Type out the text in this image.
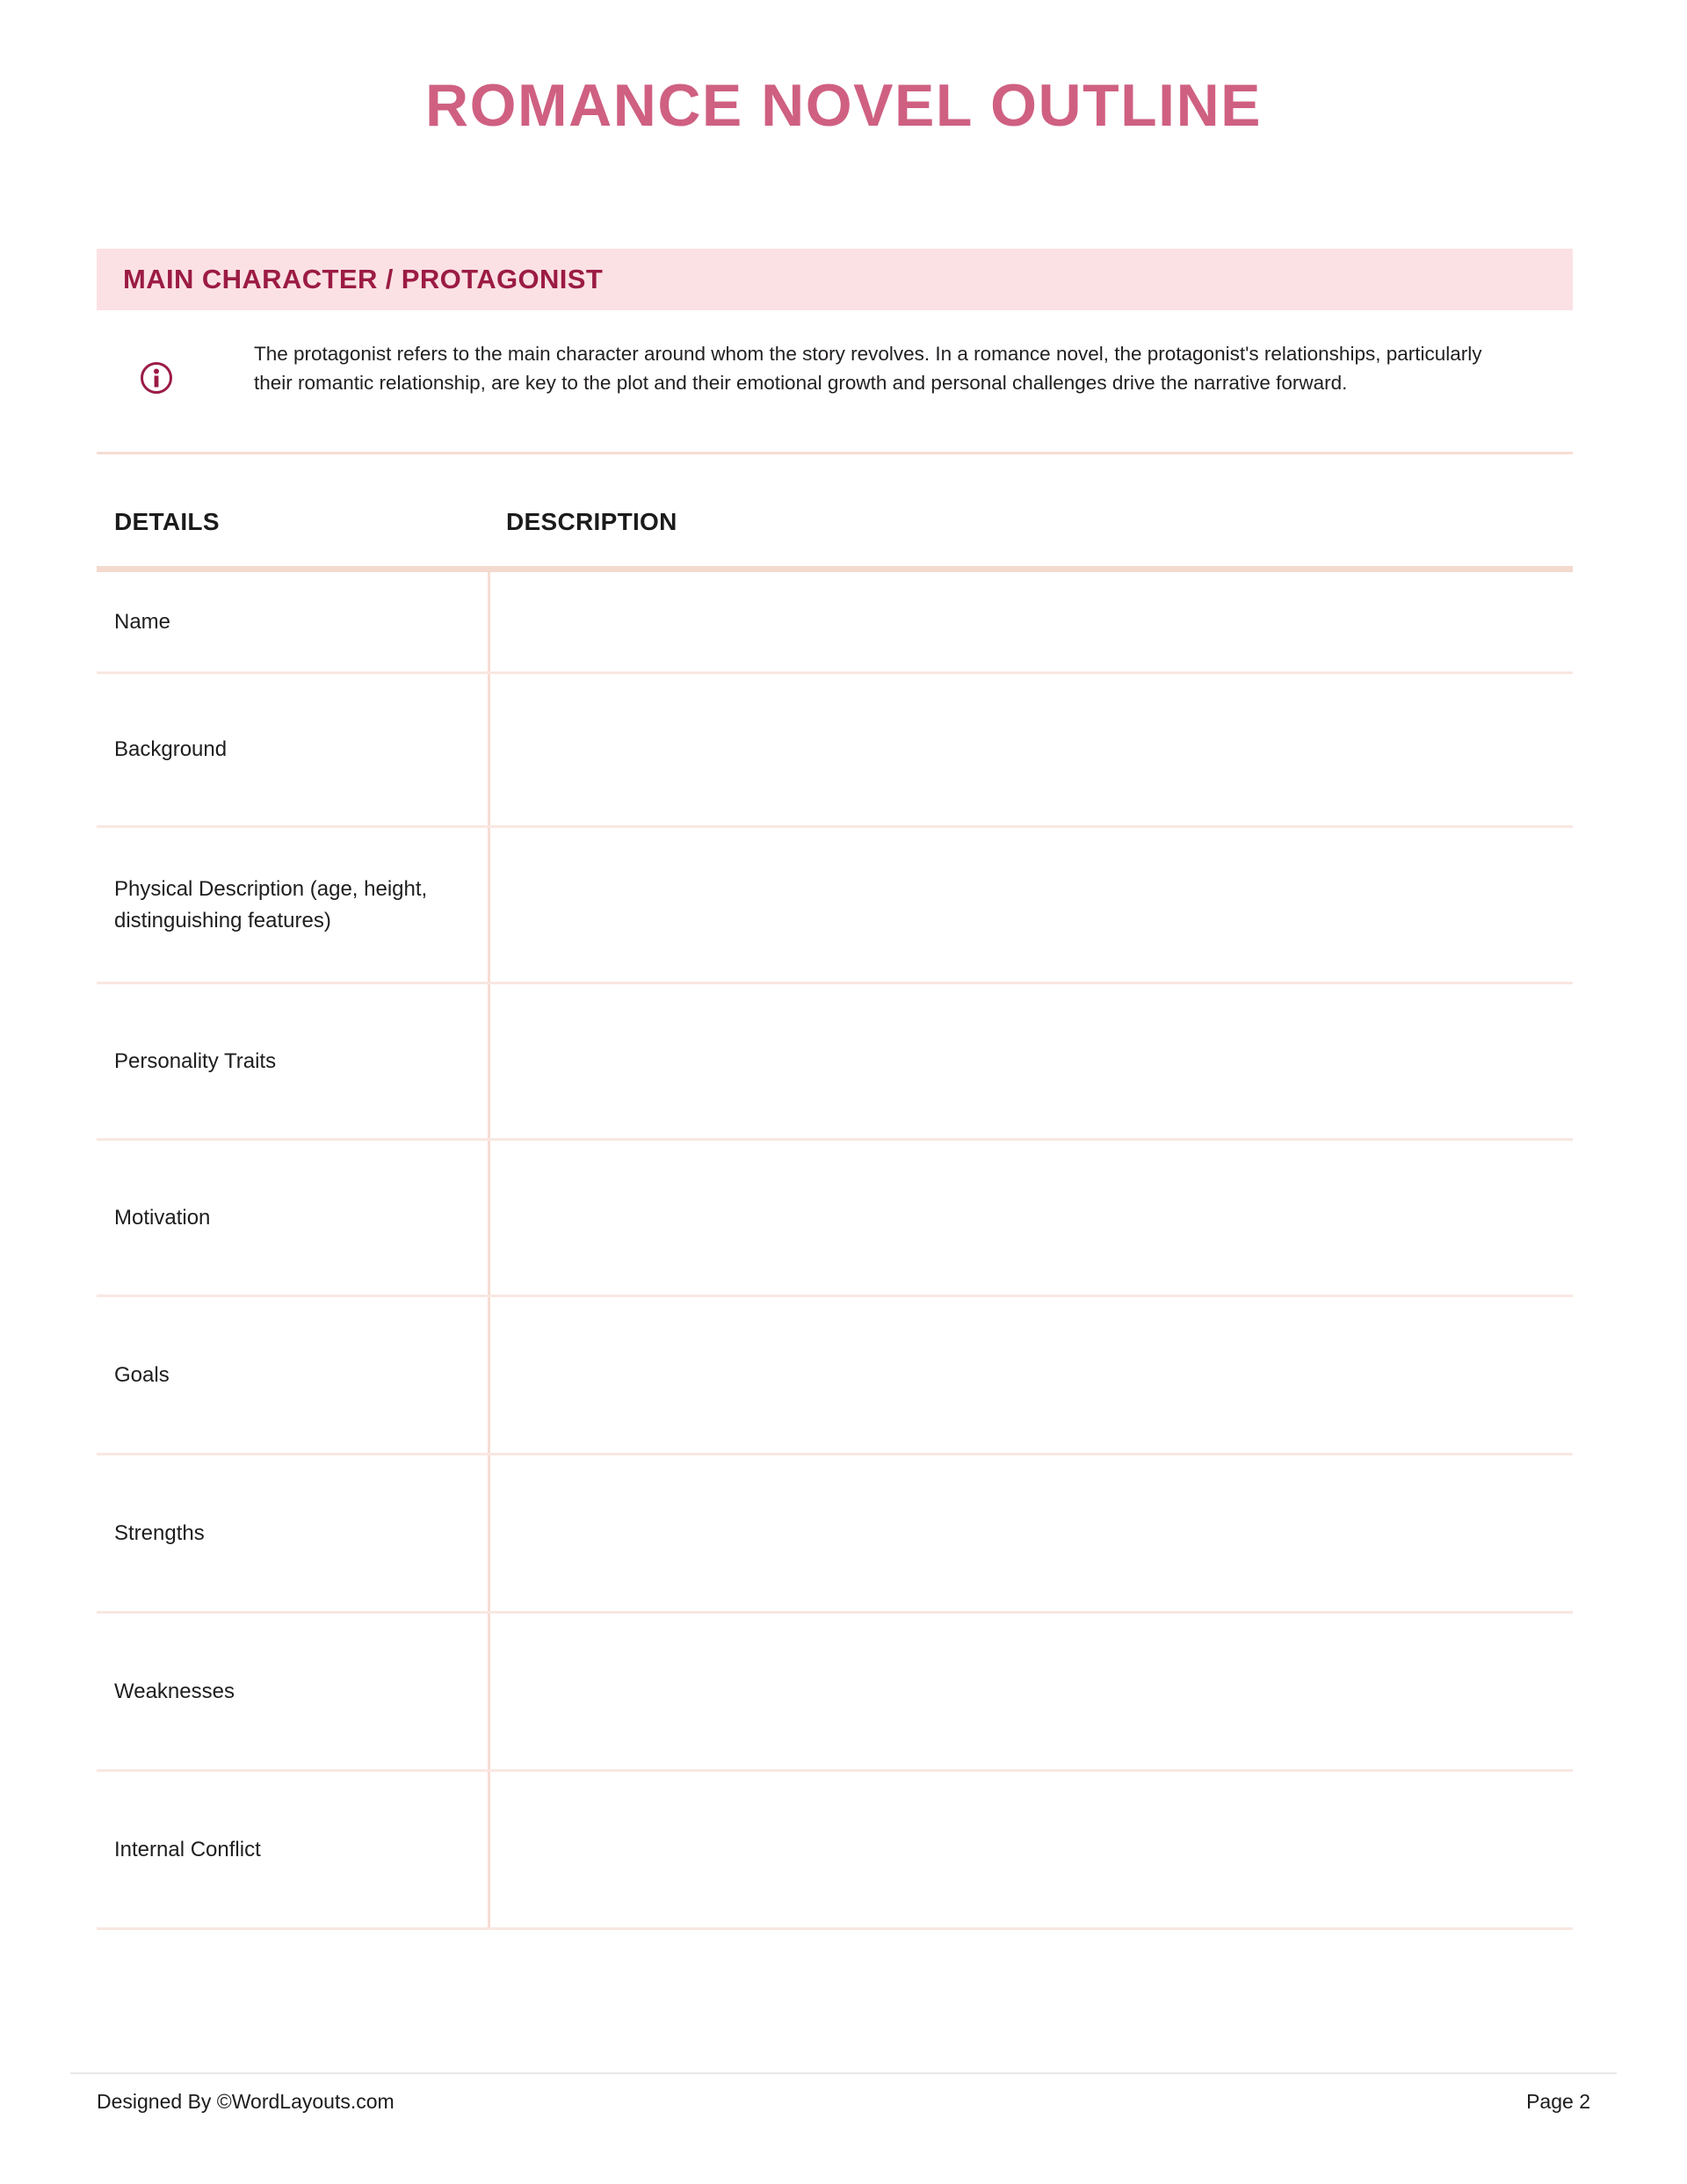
ROMANCE NOVEL OUTLINE
MAIN CHARACTER / PROTAGONIST
The protagonist refers to the main character around whom the story revolves. In a romance novel, the protagonist's relationships, particularly their romantic relationship, are key to the plot and their emotional growth and personal challenges drive the narrative forward.
DETAILS	DESCRIPTION
Name
Background
Physical Description (age, height, distinguishing features)
Personality Traits
Motivation
Goals
Strengths
Weaknesses
Internal Conflict
Designed By ©WordLayouts.com	Page 2
